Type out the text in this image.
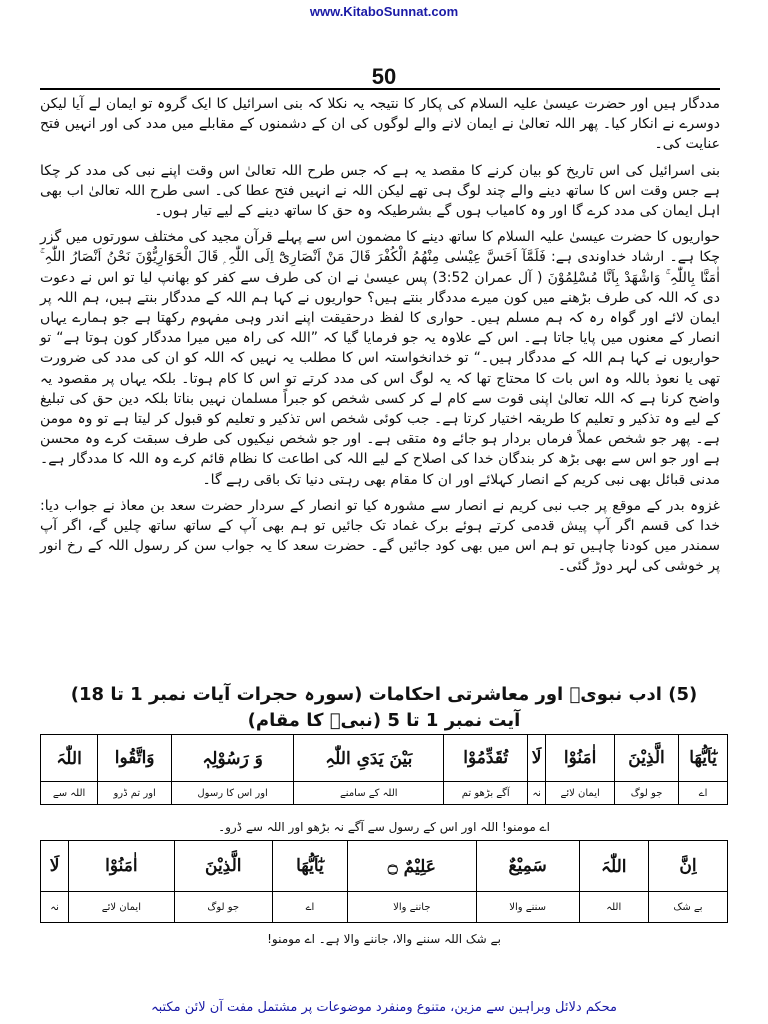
www.KitaboSunnat.com
50

مددگار ہیں اور حضرت عیسیٰ علیہ السلام کی پکار کا نتیجہ یہ نکلا کہ بنی اسرائیل کا ایک گروہ تو ایمان لے آیا لیکن دوسرے نے انکار کیا۔ پھر اللہ تعالیٰ نے ایمان لانے والے لوگوں کی ان کے دشمنوں کے مقابلے میں مدد کی اور انہیں فتح عنایت کی۔

بنی اسرائیل کی اس تاریخ کو بیان کرنے کا مقصد یہ ہے کہ جس طرح اللہ تعالیٰ اس وقت اپنے نبی کی مدد کر چکا ہے جس وقت اس کا ساتھ دینے والے چند لوگ ہی تھے لیکن اللہ نے انہیں فتح عطا کی۔ اسی طرح اللہ تعالیٰ اب بھی اہل ایمان کی مدد کرے گا اور وہ کامیاب ہوں گے بشرطیکہ وہ حق کا ساتھ دینے کے لیے تیار ہوں۔

حواریوں کا حضرت عیسیٰ علیہ السلام کا ساتھ دینے کا مضمون اس سے پہلے قرآن مجید کی مختلف سورتوں میں گزر چکا ہے۔ ارشاد خداوندی ہے: فَلَمَّآ اَحَسَّ عِیْسٰی مِنْھُمُ الْکُفْرَ قَالَ مَنْ اَنْصَارِیْٓ اِلَی اللّٰہِ ۭ قَالَ الْحَوَارِیُّوْنَ نَحْنُ اَنْصَارُ اللّٰہِ ۚ اٰمَنَّا بِاللّٰہِ ۚ وَاشْهَدْ بِاَنَّا مُسْلِمُوْنَ ( آل عمران 3:52) پس عیسیٰ نے ان کی طرف سے کفر کو بھانپ لیا تو اس نے دعوت دی کہ اللہ کی طرف بڑھنے میں کون میرے مددگار بنتے ہیں؟ حواریوں نے کہا ہم اللہ کے مددگار بنتے ہیں، ہم اللہ پر ایمان لائے اور گواہ رہ کہ ہم مسلم ہیں۔ حواری کا لفظ درحقیقت اپنے اندر وہی مفہوم رکھتا ہے جو ہمارے یہاں انصار کے معنوں میں پایا جاتا ہے۔ اس کے علاوہ یہ جو فرمایا گیا کہ ”اللہ کی راہ میں میرا مددگار کون ہوتا ہے“ تو حواریوں نے کہا ہم اللہ کے مددگار ہیں۔“ تو خدانخواستہ اس کا مطلب یہ نہیں کہ اللہ کو ان کی مدد کی ضرورت تھی یا نعوذ باللہ وہ اس بات کا محتاج تھا کہ یہ لوگ اس کی مدد کرتے تو اس کا کام ہوتا۔ بلکہ یہاں پر مقصود یہ واضح کرنا ہے کہ اللہ تعالیٰ اپنی قوت سے کام لے کر کسی شخص کو جبراً مسلمان نہیں بناتا بلکہ دین حق کی تبلیغ کے لیے وہ تذکیر و تعلیم کا طریقہ اختیار کرتا ہے۔ جب کوئی شخص اس تذکیر و تعلیم کو قبول کر لیتا ہے تو وہ مومن ہے۔ پھر جو شخص عملاً فرماں بردار ہو جائے وہ متقی ہے۔ اور جو شخص نیکیوں کی طرف سبقت کرے وہ محسن ہے اور جو اس سے بھی بڑھ کر بندگان خدا کی اصلاح کے لیے اللہ کی اطاعت کا نظام قائم کرے وہ اللہ کا مددگار ہے۔ مدنی قبائل بھی نبی کریم کے انصار کہلائے اور ان کا مقام بھی رہتی دنیا تک باقی رہے گا۔

غزوہ بدر کے موقع پر جب نبی کریم نے انصار سے مشورہ کیا تو انصار کے سردار حضرت سعد بن معاذ نے جواب دیا: خدا کی قسم اگر آپ پیش قدمی کرتے ہوئے برک غماد تک جائیں تو ہم بھی آپ کے ساتھ ساتھ چلیں گے، اگر آپ سمندر میں کودنا چاہیں تو ہم اس میں بھی کود جائیں گے۔ حضرت سعد کا یہ جواب سن کر رسول اللہ کے رخ انور پر خوشی کی لہر دوڑ گئی۔

(5) ادب نبویؐ اور معاشرتی احکامات (سورہ حجرات آیات نمبر 1 تا 18)
آیت نمبر 1 تا 5 (نبیؐ کا مقام)
یٰٓاَیُّھَا	الَّذِیْنَ	اٰمَنُوْا	لَا	تُقَدِّمُوْا	بَیْنَ یَدَیِ اللّٰہِ	وَ رَسُوْلِہٖ	وَاتَّقُوا	اللّٰہَ
اے	جو لوگ	ایمان لائے	نہ	آگے بڑھو تم	اللہ کے سامنے	اور اس کا رسول	اور تم ڈرو	اللہ سے
اے مومنو! اللہ اور اس کے رسول سے آگے نہ بڑھو اور اللہ سے ڈرو۔
اِنَّ	اللّٰہَ	سَمِیْعٌ	عَلِیْمٌ ۝	یٰٓاَیُّھَا	الَّذِیْنَ	اٰمَنُوْا	لَا
بے شک	اللہ	سننے والا	جاننے والا	اے	جو لوگ	ایمان لائے	نہ
بے شک اللہ سننے والا، جاننے والا ہے۔ اے مومنو!
محکم دلائل وبراہین سے مزین، متنوع ومنفرد موضوعات پر مشتمل مفت آن لائن مکتبہ
